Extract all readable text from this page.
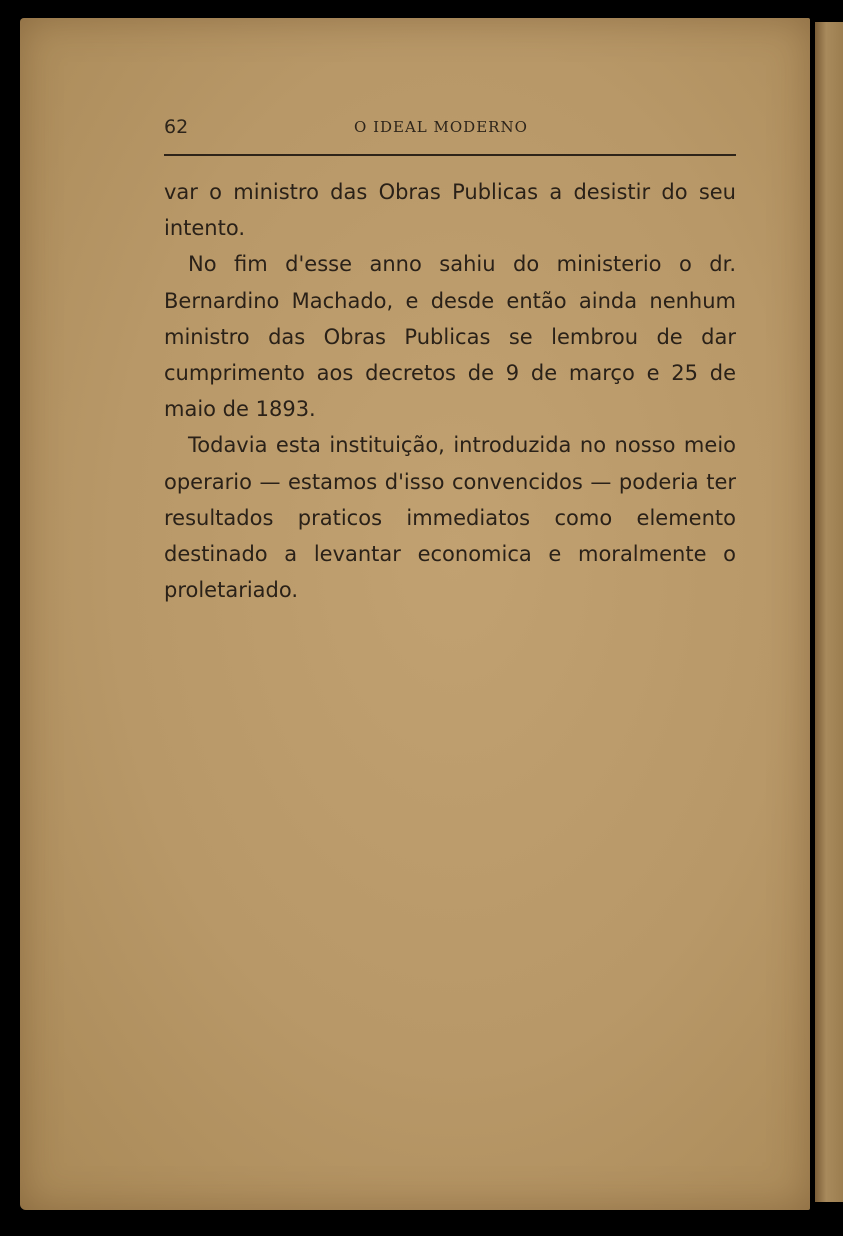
62	O IDEAL MODERNO

var o ministro das Obras Publicas a desistir do seu intento.

No fim d'esse anno sahiu do ministerio o dr. Bernardino Machado, e desde então ainda nenhum ministro das Obras Publicas se lembrou de dar cumprimento aos decretos de 9 de março e 25 de maio de 1893.

Todavia esta instituição, introduzida no nosso meio operario — estamos d'isso convencidos — poderia ter resultados praticos immediatos como elemento destinado a levantar economica e moralmente o proletariado.
